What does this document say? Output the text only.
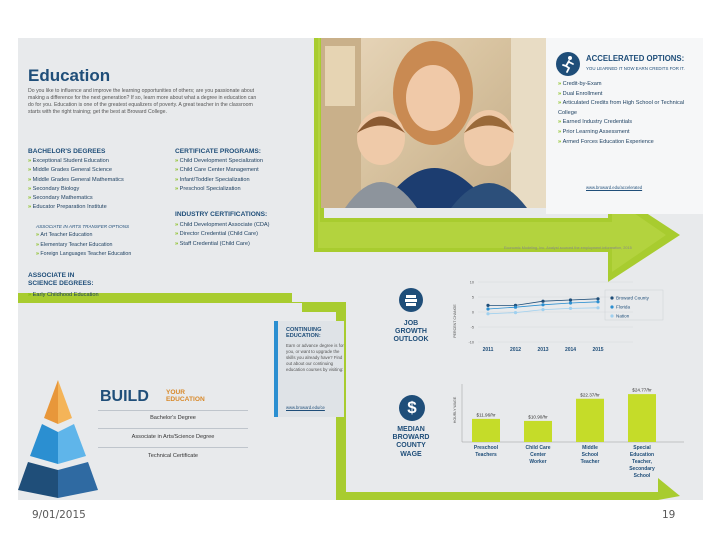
Education
Do you like to influence and improve the learning opportunities of others; are you passionate about making a difference for the next generation? If so, learn more about what a degree in education can do for you. Education is one of the greatest equalizers of poverty. A great teacher in the classroom starts with the right training; get the best at Broward College.
BACHELOR'S DEGREES
» Exceptional Student Education
» Middle Grades General Science
» Middle Grades General Mathematics
» Secondary Biology
» Secondary Mathematics
» Educator Preparation Institute
ASSOCIATE IN ARTS TRANSFER OPTIONS
» Art Teacher Education
» Elementary Teacher Education
» Foreign Languages Teacher Education
CERTIFICATE PROGRAMS:
» Child Development Specialization
» Child Care Center Management
» Infant/Toddler Specialization
» Preschool Specialization
INDUSTRY CERTIFICATIONS:
» Child Development Associate (CDA)
» Director Credential (Child Care)
» Staff Credential (Child Care)
ASSOCIATE IN
SCIENCE DEGREES:
» Early Childhood Education
ACCELERATED OPTIONS:
YOU LEARNED IT NOW EARN CREDITS FOR IT.
» Credit-by-Exam
» Dual Enrollment
» Articulated Credits from High School or Technical College
» Earned Industry Credentials
» Prior Learning Assessment
» Armed Forces Education Experience
www.broward.edu/accelerated
Economic Modeling, Inc. Analyst sourced the employment information, 2015
JOB
GROWTH
OUTLOOK
$
MEDIAN
BROWARD
COUNTY
WAGE
PERCENT CHANGE
10
5
0
-5
-10
2011	2012	2013	2014	2015
Broward County
Florida
Nation
HOURLY WAGE	$11.96/hr
Preschool
Teachers
$10.90/hr
Child Care
Center
Worker
$22.37/hr
Middle
School
Teacher
$24.77/hr
Special
Education
Teacher,
Secondary
School
CONTINUING
EDUCATION:
Earn or advance degree is for you, or want to upgrade the skills you already have? Find out about our continuing education courses by visiting:
www.broward.edu/ce
BUILD	YOUR
EDUCATION
Bachelor's Degree
Associate in Arts/Science Degree
Technical Certificate
9/01/2015	19
